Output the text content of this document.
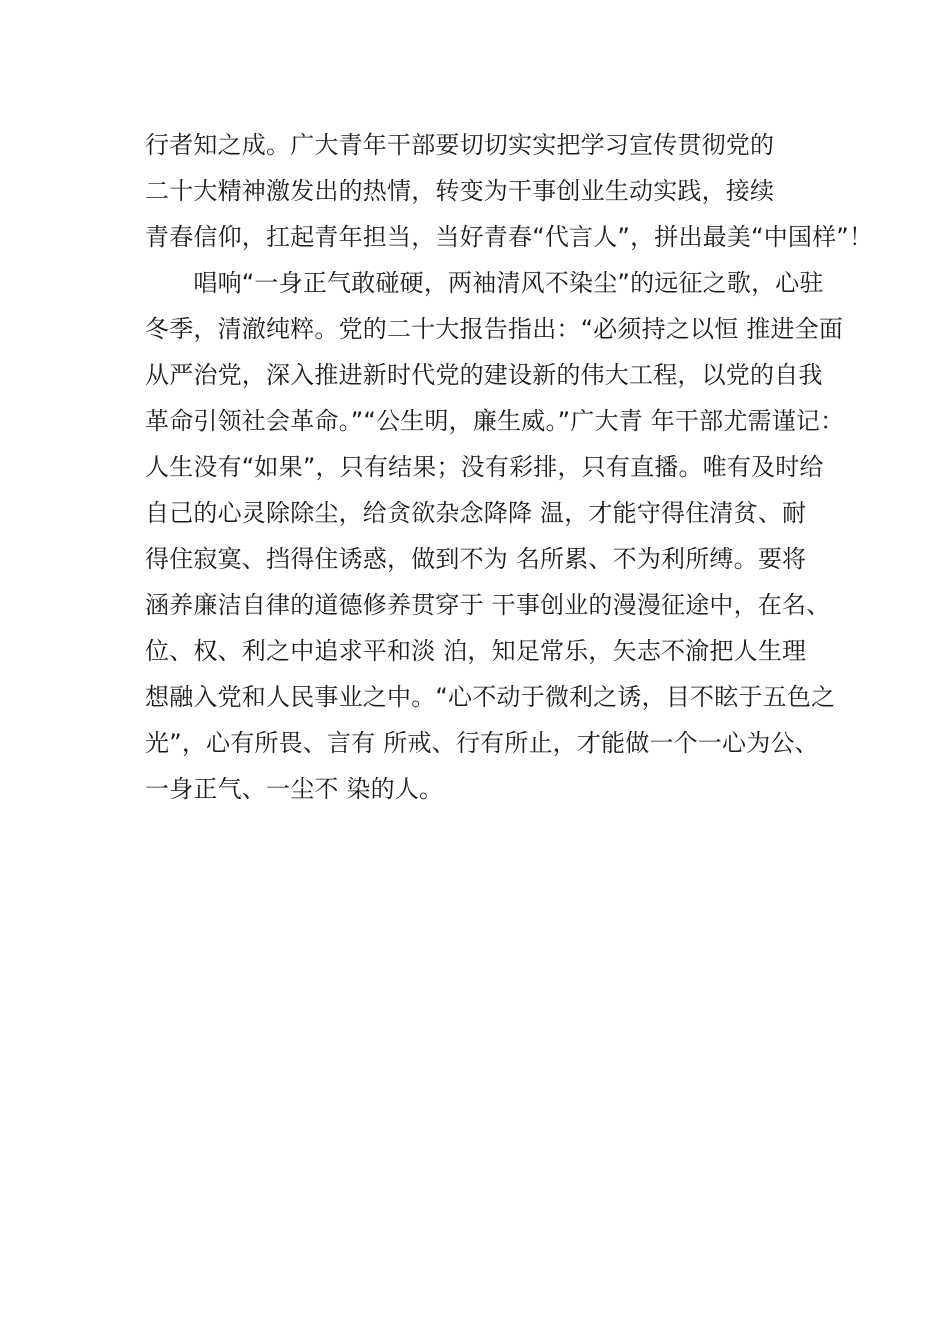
行者知之成。广大青年干部要切切实实把学习宣传贯彻党的
二十大精神激发出的热情，转变为干事创业生动实践，接续
青春信仰，扛起青年担当，当好青春“代言人”，拼出最美“中国样”！
　　唱响“一身正气敢碰硬，两袖清风不染尘”的远征之歌，心驻
冬季，清澈纯粹。党的二十大报告指出：“必须持之以恒 推进全面
从严治党，深入推进新时代党的建设新的伟大工程，以党的自我
革命引领社会革命。”“公生明，廉生威。”广大青 年干部尤需谨记：
人生没有“如果”，只有结果；没有彩排，只有直播。唯有及时给
自己的心灵除除尘，给贪欲杂念降降 温，才能守得住清贫、耐
得住寂寞、挡得住诱惑，做到不为 名所累、不为利所缚。要将
涵养廉洁自律的道德修养贯穿于 干事创业的漫漫征途中，在名、
位、权、利之中追求平和淡 泊，知足常乐，矢志不渝把人生理
想融入党和人民事业之中。“心不动于微利之诱，目不眩于五色之
光”，心有所畏、言有 所戒、行有所止，才能做一个一心为公、
一身正气、一尘不 染的人。
